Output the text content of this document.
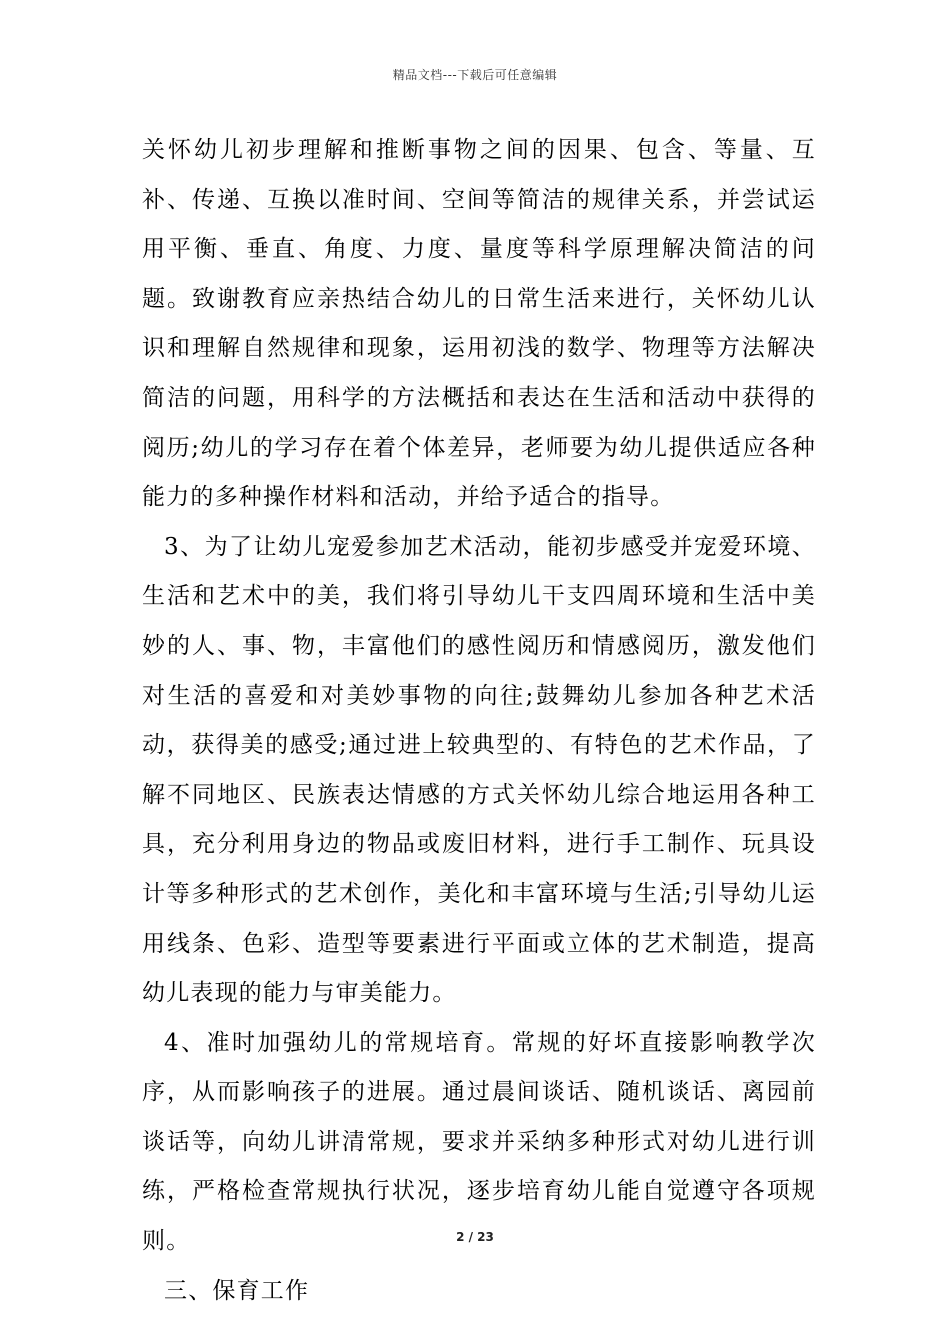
精品文档---下载后可任意编辑

关怀幼儿初步理解和推断事物之间的因果、包含、等量、互补、传递、互换以准时间、空间等简洁的规律关系，并尝试运用平衡、垂直、角度、力度、量度等科学原理解决简洁的问题。致谢教育应亲热结合幼儿的日常生活来进行，关怀幼儿认识和理解自然规律和现象，运用初浅的数学、物理等方法解决简洁的问题，用科学的方法概括和表达在生活和活动中获得的阅历;幼儿的学习存在着个体差异，老师要为幼儿提供适应各种能力的多种操作材料和活动，并给予适合的指导。

3、为了让幼儿宠爱参加艺术活动，能初步感受并宠爱环境、生活和艺术中的美，我们将引导幼儿干支四周环境和生活中美妙的人、事、物，丰富他们的感性阅历和情感阅历，激发他们对生活的喜爱和对美妙事物的向往;鼓舞幼儿参加各种艺术活动，获得美的感受;通过进上较典型的、有特色的艺术作品，了解不同地区、民族表达情感的方式关怀幼儿综合地运用各种工具，充分利用身边的物品或废旧材料，进行手工制作、玩具设计等多种形式的艺术创作，美化和丰富环境与生活;引导幼儿运用线条、色彩、造型等要素进行平面或立体的艺术制造，提高幼儿表现的能力与审美能力。

4、准时加强幼儿的常规培育。常规的好坏直接影响教学次序，从而影响孩子的进展。通过晨间谈话、随机谈话、离园前谈话等，向幼儿讲清常规，要求并采纳多种形式对幼儿进行训练，严格检查常规执行状况，逐步培育幼儿能自觉遵守各项规则。

三、保育工作

2 / 23
